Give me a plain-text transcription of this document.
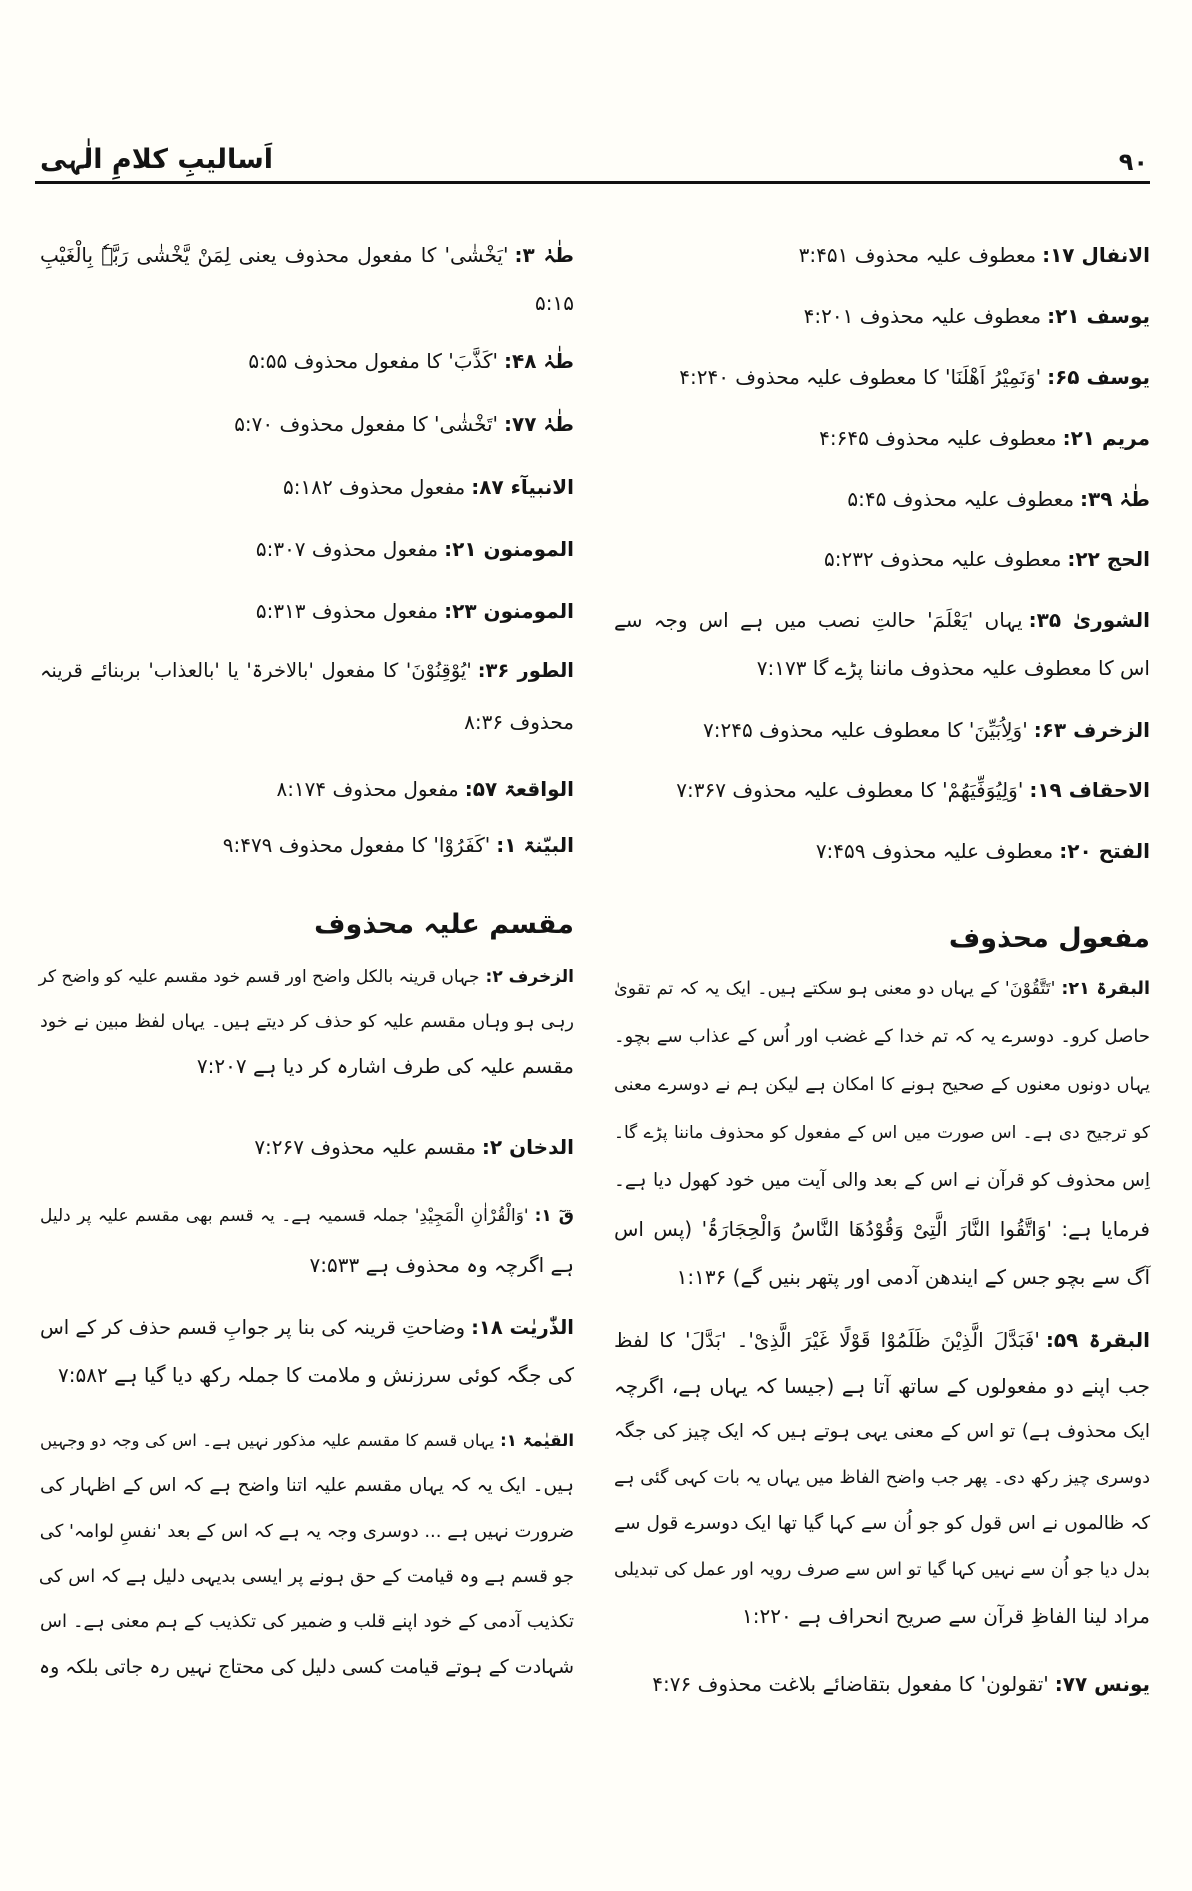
اَسالیبِ کلامِ الٰہی	۹۰
مفعول محذوف
الانفال ۱۷:معطوف علیہ محذوف ۳:۴۵۱
یوسف ۲۱:معطوف علیہ محذوف ۴:۲۰۱
یوسف ۶۵:'وَنَمِیْرُ اَھْلَنَا' کا معطوف علیہ محذوف ۴:۲۴۰
مریم ۲۱:معطوف علیہ محذوف ۴:۶۴۵
طٰہٰ ۳۹:معطوف علیہ محذوف ۵:۴۵
الحج ۲۲:معطوف علیہ محذوف ۵:۲۳۲
الشوریٰ ۳۵:یہاں 'یَعْلَمَ' حالتِ نصب میں ہے اس وجہ سے
اس کا معطوف علیہ محذوف ماننا پڑے گا ۷:۱۷۳
الزخرف ۶۳:'وَلِاُبَیِّنَ' کا معطوف علیہ محذوف ۷:۲۴۵
الاحقاف ۱۹:'وَلِیُوَفِّیَھُمْ' کا معطوف علیہ محذوف ۷:۳۶۷
الفتح ۲۰:معطوف علیہ محذوف ۷:۴۵۹
البقرۃ ۲۱:'تَتَّقُوْنَ' کے یہاں دو معنی ہو سکتے ہیں۔ ایک یہ کہ تم تقویٰ
حاصل کرو۔ دوسرے یہ کہ تم خدا کے غضب اور اُس کے عذاب سے بچو۔
یہاں دونوں معنوں کے صحیح ہونے کا امکان ہے لیکن ہم نے دوسرے معنی
کو ترجیح دی ہے۔ اس صورت میں اس کے مفعول کو محذوف ماننا پڑے گا۔
اِس محذوف کو قرآن نے اس کے بعد والی آیت میں خود کھول دیا ہے۔
فرمایا ہے: 'وَاتَّقُوا النَّارَ الَّتِیْ وَقُوْدُھَا النَّاسُ وَالْحِجَارَۃُ' (پس اس
آگ سے بچو جس کے ایندھن آدمی اور پتھر بنیں گے) ۱:۱۳۶
البقرۃ ۵۹:'فَبَدَّلَ الَّذِیْنَ ظَلَمُوْا قَوْلًا غَیْرَ الَّذِیْ'۔ 'بَدَّلَ' کا لفظ
جب اپنے دو مفعولوں کے ساتھ آتا ہے (جیسا کہ یہاں ہے، اگرچہ
ایک محذوف ہے) تو اس کے معنی یہی ہوتے ہیں کہ ایک چیز کی جگہ
دوسری چیز رکھ دی۔ پھر جب واضح الفاظ میں یہاں یہ بات کہی گئی ہے
کہ ظالموں نے اس قول کو جو اُن سے کہا گیا تھا ایک دوسرے قول سے
بدل دیا جو اُن سے نہیں کہا گیا تو اس سے صرف رویہ اور عمل کی تبدیلی
مراد لینا الفاظِ قرآن سے صریح انحراف ہے ۱:۲۲۰
یونس ۷۷:'تقولون' کا مفعول بتقاضائے بلاغت محذوف ۴:۷۶
مقسم علیہ محذوف
طٰہٰ ۳:'یَخْشٰی' کا مفعول محذوف یعنی لِمَنْ یَّخْشٰی رَبَّہٗ بِالْغَیْبِ
۵:۱۵
طٰہٰ ۴۸:'کَذَّبَ' کا مفعول محذوف ۵:۵۵
طٰہٰ ۷۷:'تَخْشٰی' کا مفعول محذوف ۵:۷۰
الانبیآء ۸۷:مفعول محذوف ۵:۱۸۲
المومنون ۲۱:مفعول محذوف ۵:۳۰۷
المومنون ۲۳:مفعول محذوف ۵:۳۱۳
الطور ۳۶:'یُوْقِنُوْنَ' کا مفعول 'بالاخرۃ' یا 'بالعذاب' بربنائے قرینہ
محذوف ۸:۳۶
الواقعۃ ۵۷:مفعول محذوف ۸:۱۷۴
البیّنۃ ۱:'کَفَرُوْا' کا مفعول محذوف ۹:۴۷۹
الزخرف ۲:جہاں قرینہ بالکل واضح اور قسم خود مقسم علیہ کو واضح کر
رہی ہو وہاں مقسم علیہ کو حذف کر دیتے ہیں۔ یہاں لفظ مبین نے خود
مقسم علیہ کی طرف اشارہ کر دیا ہے ۷:۲۰۷
الدخان ۲:مقسم علیہ محذوف ۷:۲۶۷
قٓ ۱:'وَالْقُرْاٰنِ الْمَجِیْدِ' جملہ قسمیہ ہے۔ یہ قسم بھی مقسم علیہ پر دلیل
ہے اگرچہ وہ محذوف ہے ۷:۵۳۳
الذّٰریٰت ۱۸:وضاحتِ قرینہ کی بنا پر جوابِ قسم حذف کر کے اس
کی جگہ کوئی سرزنش و ملامت کا جملہ رکھ دیا گیا ہے ۷:۵۸۲
القیٰمۃ ۱:یہاں قسم کا مقسم علیہ مذکور نہیں ہے۔ اس کی وجہ دو وجہیں
ہیں۔ ایک یہ کہ یہاں مقسم علیہ اتنا واضح ہے کہ اس کے اظہار کی
ضرورت نہیں ہے ... دوسری وجہ یہ ہے کہ اس کے بعد 'نفسِ لوامہ' کی
جو قسم ہے وہ قیامت کے حق ہونے پر ایسی بدیہی دلیل ہے کہ اس کی
تکذیب آدمی کے خود اپنے قلب و ضمیر کی تکذیب کے ہم معنی ہے۔ اس
شہادت کے ہوتے قیامت کسی دلیل کی محتاج نہیں رہ جاتی بلکہ وہ
